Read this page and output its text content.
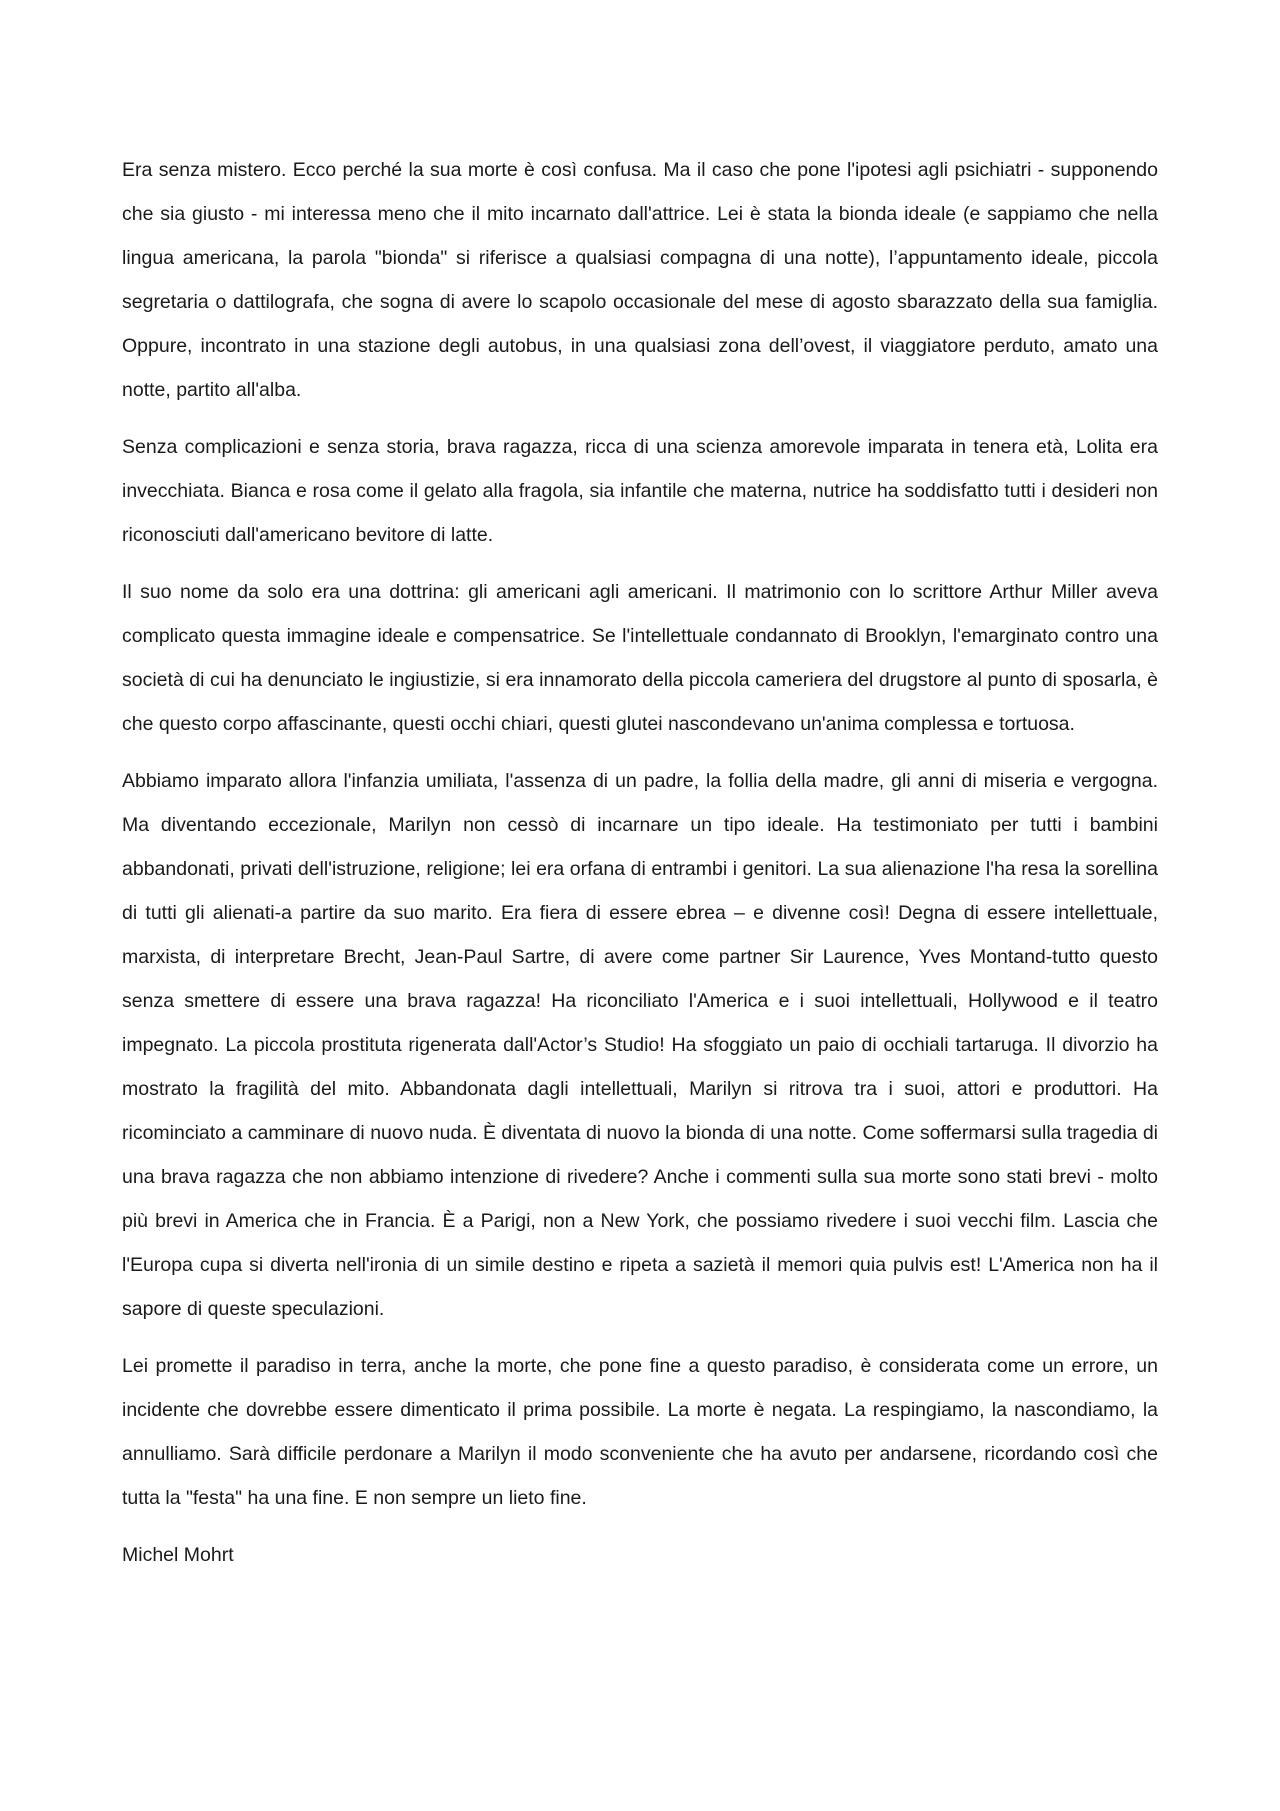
Era senza mistero. Ecco perché la sua morte è così confusa. Ma il caso che pone l'ipotesi agli psichiatri - supponendo che sia giusto - mi interessa meno che il mito incarnato dall'attrice. Lei è stata la bionda ideale (e sappiamo che nella lingua americana, la parola "bionda" si riferisce a qualsiasi compagna di una notte), l’appuntamento ideale, piccola segretaria o dattilografa, che sogna di avere lo scapolo occasionale del mese di agosto sbarazzato della sua famiglia. Oppure, incontrato in una stazione degli autobus, in una qualsiasi zona dell’ovest, il viaggiatore perduto, amato una notte, partito all'alba.

Senza complicazioni e senza storia, brava ragazza, ricca di una scienza amorevole imparata in tenera età, Lolita era invecchiata. Bianca e rosa come il gelato alla fragola, sia infantile che materna, nutrice ha soddisfatto tutti i desideri non riconosciuti dall'americano bevitore di latte.

Il suo nome da solo era una dottrina: gli americani agli americani. Il matrimonio con lo scrittore Arthur Miller aveva complicato questa immagine ideale e compensatrice. Se l'intellettuale condannato di Brooklyn, l'emarginato contro una società di cui ha denunciato le ingiustizie, si era innamorato della piccola cameriera del drugstore al punto di sposarla, è che questo corpo affascinante, questi occhi chiari, questi glutei nascondevano un'anima complessa e tortuosa.

Abbiamo imparato allora l'infanzia umiliata, l'assenza di un padre, la follia della madre, gli anni di miseria e vergogna. Ma diventando eccezionale, Marilyn non cessò di incarnare un tipo ideale. Ha testimoniato per tutti i bambini abbandonati, privati dell'istruzione, religione; lei era orfana di entrambi i genitori. La sua alienazione l'ha resa la sorellina di tutti gli alienati-a partire da suo marito. Era fiera di essere ebrea – e divenne così! Degna di essere intellettuale, marxista, di interpretare Brecht, Jean-Paul Sartre, di avere come partner Sir Laurence, Yves Montand-tutto questo senza smettere di essere una brava ragazza! Ha riconciliato l'America e i suoi intellettuali, Hollywood e il teatro impegnato. La piccola prostituta rigenerata dall'Actor’s Studio! Ha sfoggiato un paio di occhiali tartaruga. Il divorzio ha mostrato la fragilità del mito. Abbandonata dagli intellettuali, Marilyn si ritrova tra i suoi, attori e produttori. Ha ricominciato a camminare di nuovo nuda. È diventata di nuovo la bionda di una notte. Come soffermarsi sulla tragedia di una brava ragazza che non abbiamo intenzione di rivedere? Anche i commenti sulla sua morte sono stati brevi - molto più brevi in America che in Francia. È a Parigi, non a New York, che possiamo rivedere i suoi vecchi film. Lascia che l'Europa cupa si diverta nell'ironia di un simile destino e ripeta a sazietà il memori quia pulvis est! L'America non ha il sapore di queste speculazioni.

Lei promette il paradiso in terra, anche la morte, che pone fine a questo paradiso, è considerata come un errore, un incidente che dovrebbe essere dimenticato il prima possibile. La morte è negata. La respingiamo, la nascondiamo, la annulliamo. Sarà difficile perdonare a Marilyn il modo sconveniente che ha avuto per andarsene, ricordando così che tutta la "festa" ha una fine. E non sempre un lieto fine.

Michel Mohrt
